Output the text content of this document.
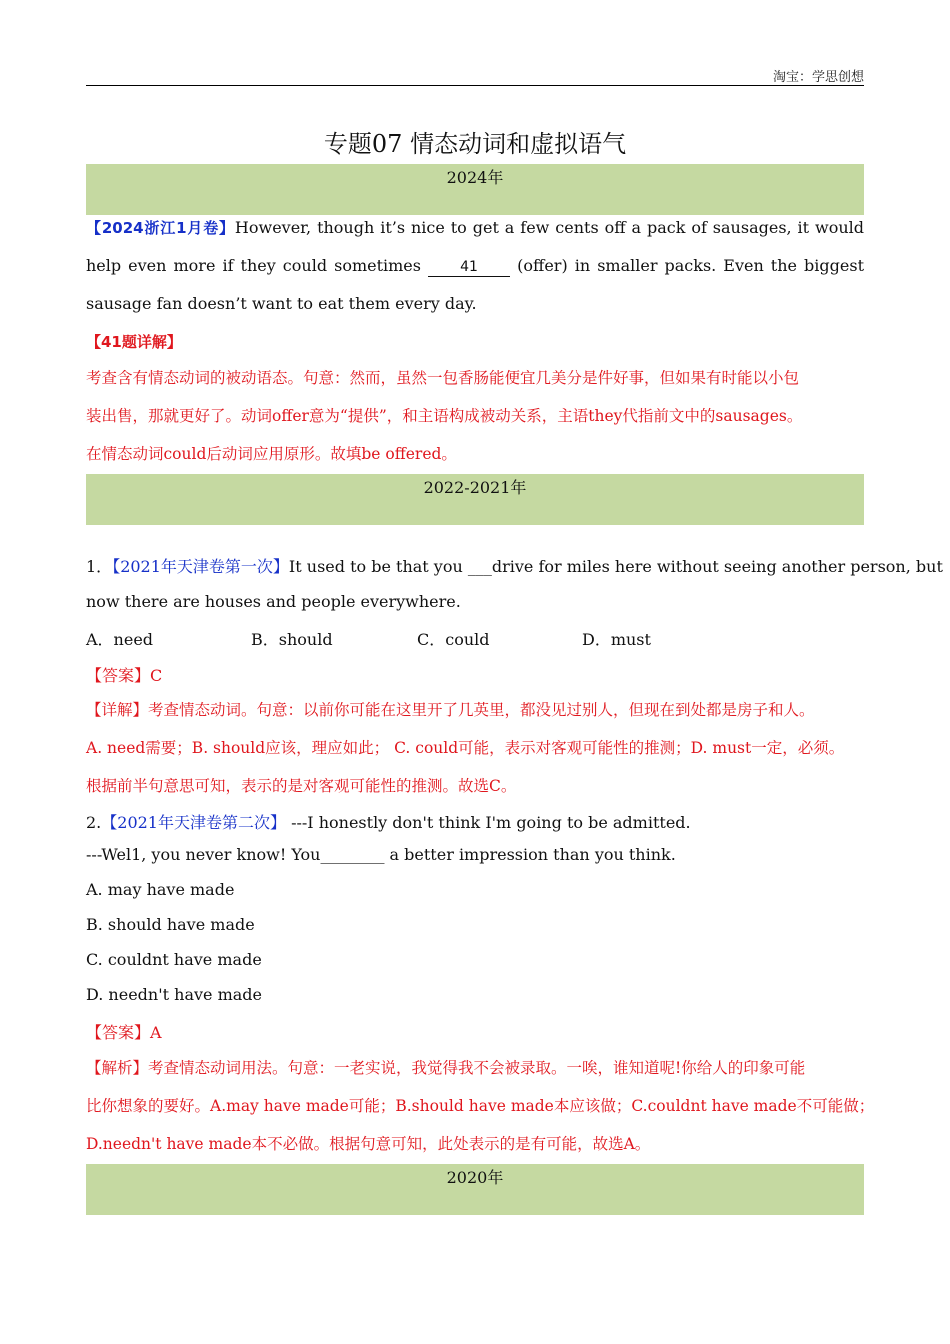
淘宝：学思创想
专题07 情态动词和虚拟语气
2024年
【2024浙江1月卷】However, though it’s nice to get a few cents off a pack of sausages, it would help even more if they could sometimes	41 (offer) in smaller packs. Even the biggest sausage fan doesn’t want to eat them every day.
【41题详解】
考查含有情态动词的被动语态。句意：然而，虽然一包香肠能便宜几美分是件好事，但如果有时能以小包
装出售，那就更好了。动词offer意为“提供”，和主语构成被动关系，主语they代指前文中的sausages。
在情态动词could后动词应用原形。故填be offered。
2022-2021年
1．【2021年天津卷第一次】It used to be that you ___drive for miles here without seeing another person, but
now there are houses and people everywhere.
A．need	B．should	C．could	D．must
【答案】C
【详解】考查情态动词。句意：以前你可能在这里开了几英里，都没见过别人，但现在到处都是房子和人。
A. need需要；B. should应该，理应如此； C. could可能，表示对客观可能性的推测；D. must一定，必须。
根据前半句意思可知，表示的是对客观可能性的推测。故选C。
2.【2021年天津卷第二次】 ---I honestly don't think I'm going to be admitted.
---Wel1, you never know! You________ a better impression than you think.
A. may have made
B. should have made
C. couldnt have made
D. needn't have made
【答案】A
【解析】考查情态动词用法。句意：一老实说，我觉得我不会被录取。一唉，谁知道呢!你给人的印象可能
比你想象的要好。A.may have made可能；B.should have made本应该做；C.couldnt have made不可能做；
D.needn't have made本不必做。根据句意可知，此处表示的是有可能，故选A。
2020年
